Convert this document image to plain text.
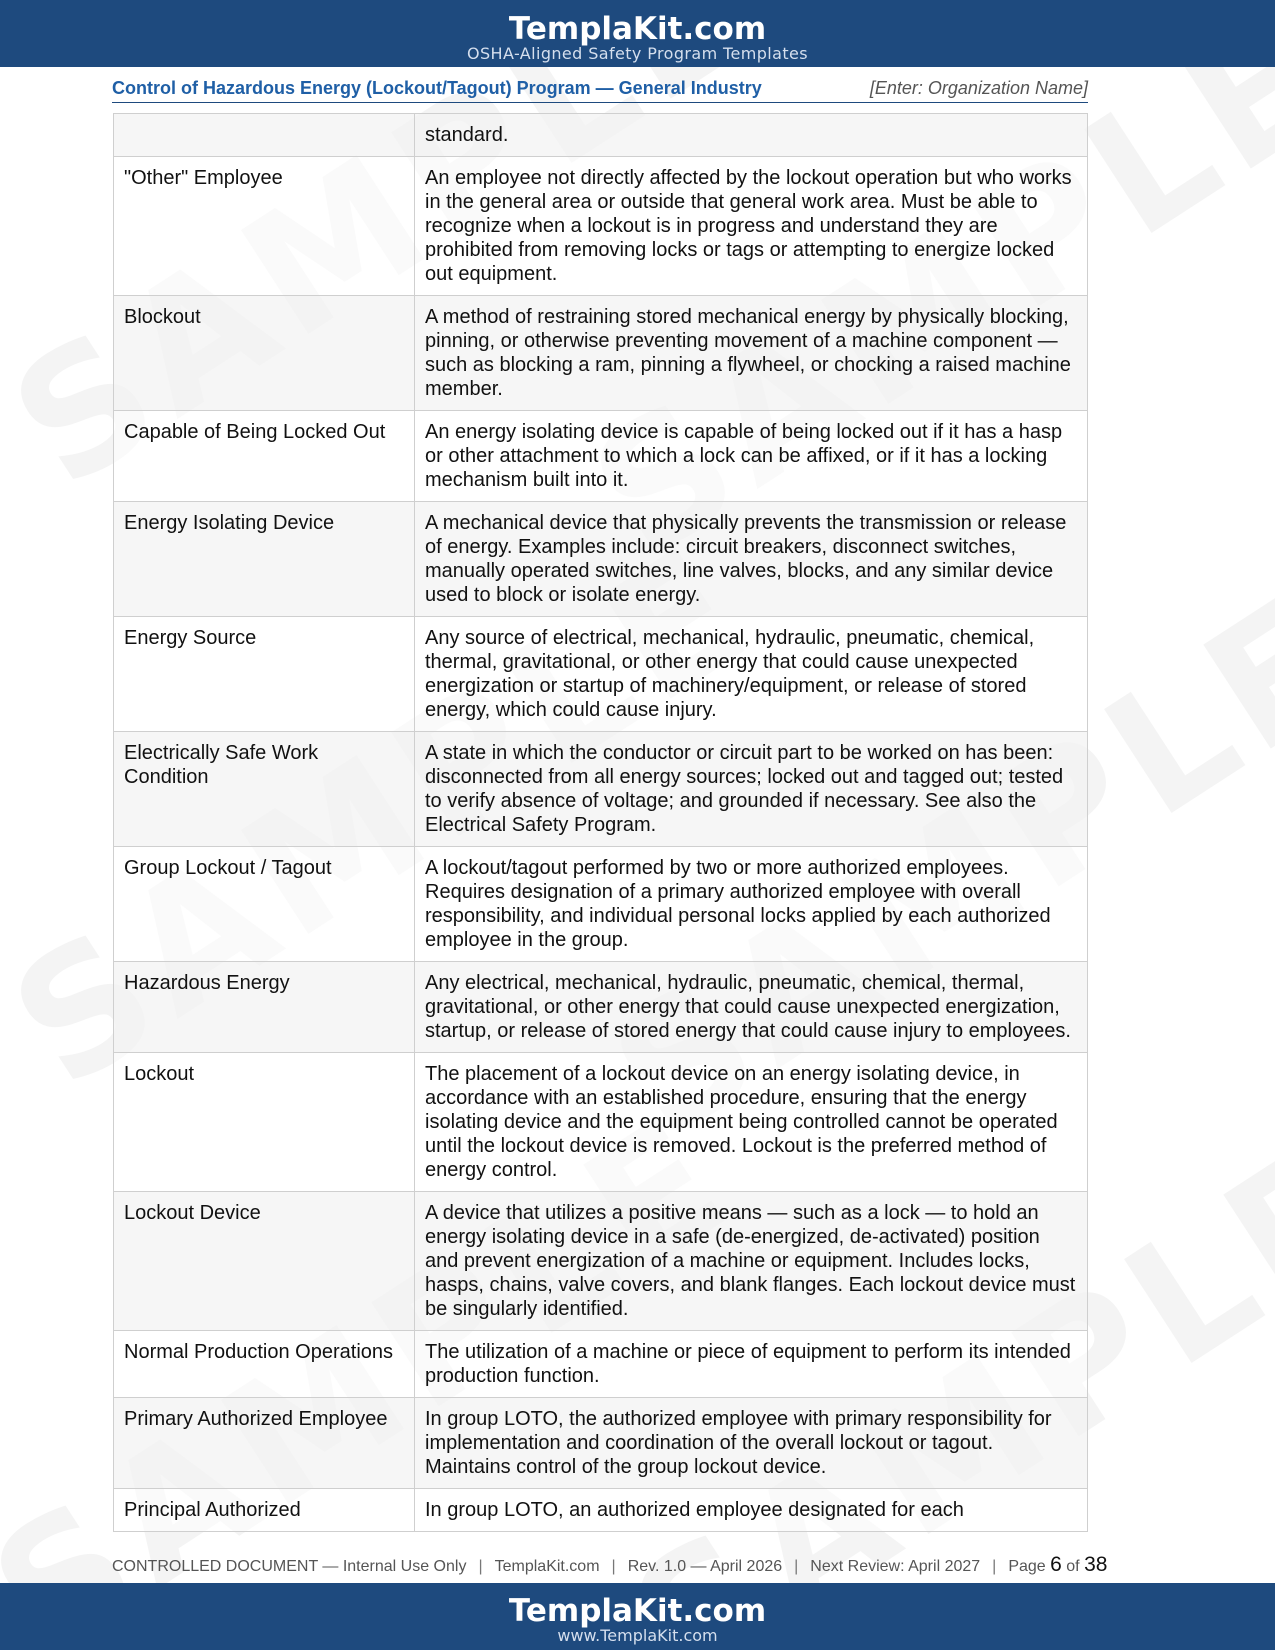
TemplaKit.com
OSHA-Aligned Safety Program Templates
Control of Hazardous Energy (Lockout/Tagout) Program — General Industry	[Enter: Organization Name]
	standard.
"Other" Employee	An employee not directly affected by the lockout operation but who works in the general area or outside that general work area. Must be able to recognize when a lockout is in progress and understand they are prohibited from removing locks or tags or attempting to energize locked out equipment.
Blockout	A method of restraining stored mechanical energy by physically blocking, pinning, or otherwise preventing movement of a machine component — such as blocking a ram, pinning a flywheel, or chocking a raised machine member.
Capable of Being Locked Out	An energy isolating device is capable of being locked out if it has a hasp or other attachment to which a lock can be affixed, or if it has a locking mechanism built into it.
Energy Isolating Device	A mechanical device that physically prevents the transmission or release of energy. Examples include: circuit breakers, disconnect switches, manually operated switches, line valves, blocks, and any similar device used to block or isolate energy.
Energy Source	Any source of electrical, mechanical, hydraulic, pneumatic, chemical, thermal, gravitational, or other energy that could cause unexpected energization or startup of machinery/equipment, or release of stored energy, which could cause injury.
Electrically Safe Work Condition	A state in which the conductor or circuit part to be worked on has been: disconnected from all energy sources; locked out and tagged out; tested to verify absence of voltage; and grounded if necessary. See also the Electrical Safety Program.
Group Lockout / Tagout	A lockout/tagout performed by two or more authorized employees. Requires designation of a primary authorized employee with overall responsibility, and individual personal locks applied by each authorized employee in the group.
Hazardous Energy	Any electrical, mechanical, hydraulic, pneumatic, chemical, thermal, gravitational, or other energy that could cause unexpected energization, startup, or release of stored energy that could cause injury to employees.
Lockout	The placement of a lockout device on an energy isolating device, in accordance with an established procedure, ensuring that the energy isolating device and the equipment being controlled cannot be operated until the lockout device is removed. Lockout is the preferred method of energy control.
Lockout Device	A device that utilizes a positive means — such as a lock — to hold an energy isolating device in a safe (de-energized, de-activated) position and prevent energization of a machine or equipment. Includes locks, hasps, chains, valve covers, and blank flanges. Each lockout device must be singularly identified.
Normal Production Operations	The utilization of a machine or piece of equipment to perform its intended production function.
Primary Authorized Employee	In group LOTO, the authorized employee with primary responsibility for implementation and coordination of the overall lockout or tagout. Maintains control of the group lockout device.
Principal Authorized	In group LOTO, an authorized employee designated for each
CONTROLLED DOCUMENT — Internal Use Only | TemplaKit.com | Rev. 1.0 — April 2026 | Next Review: April 2027 | Page 6 of 38
TemplaKit.com
www.TemplaKit.com
